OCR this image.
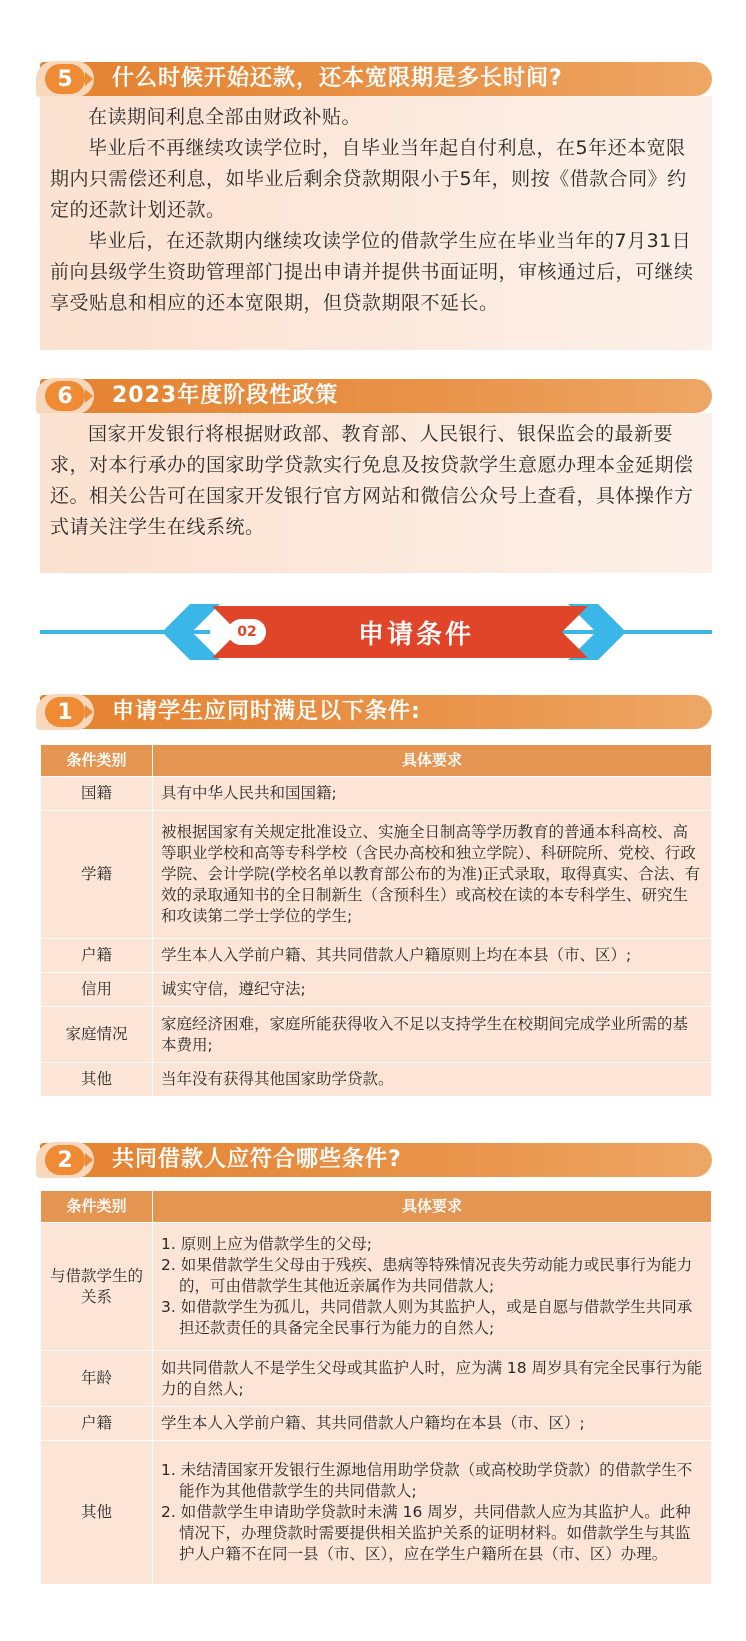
5	什么时候开始还款，还本宽限期是多长时间?

在读期间利息全部由财政补贴。

毕业后不再继续攻读学位时，自毕业当年起自付利息，在5年还本宽限期内只需偿还利息，如毕业后剩余贷款期限小于5年，则按《借款合同》约定的还款计划还款。

毕业后，在还款期内继续攻读学位的借款学生应在毕业当年的7月31日前向县级学生资助管理部门提出申请并提供书面证明，审核通过后，可继续享受贴息和相应的还本宽限期，但贷款期限不延长。

6	2023年度阶段性政策

国家开发银行将根据财政部、教育部、人民银行、银保监会的最新要求，对本行承办的国家助学贷款实行免息及按贷款学生意愿办理本金延期偿还。相关公告可在国家开发银行官方网站和微信公众号上查看，具体操作方式请关注学生在线系统。

02	申请条件
1	申请学生应同时满足以下条件:
条件类别	具体要求
国籍	具有中华人民共和国国籍;
学籍	被根据国家有关规定批准设立、实施全日制高等学历教育的普通本科高校、高等职业学校和高等专科学校（含民办高校和独立学院）、科研院所、党校、行政学院、会计学院(学校名单以教育部公布的为准)正式录取，取得真实、合法、有效的录取通知书的全日制新生（含预科生）或高校在读的本专科学生、研究生和攻读第二学士学位的学生;
户籍	学生本人入学前户籍、其共同借款人户籍原则上均在本县（市、区）;
信用	诚实守信，遵纪守法;
家庭情况	家庭经济困难，家庭所能获得收入不足以支持学生在校期间完成学业所需的基本费用;
其他	当年没有获得其他国家助学贷款。
2	共同借款人应符合哪些条件?
条件类别	具体要求
与借款学生的关系	1. 原则上应为借款学生的父母;
2. 如果借款学生父母由于残疾、患病等特殊情况丧失劳动能力或民事行为能力的，可由借款学生其他近亲属作为共同借款人;
3. 如借款学生为孤儿，共同借款人则为其监护人，或是自愿与借款学生共同承担还款责任的具备完全民事行为能力的自然人;

年龄	如共同借款人不是学生父母或其监护人时，应为满 18 周岁具有完全民事行为能力的自然人;
户籍	学生本人入学前户籍、其共同借款人户籍均在本县（市、区）;
其他	1. 未结清国家开发银行生源地信用助学贷款（或高校助学贷款）的借款学生不能作为其他借款学生的共同借款人;
2. 如借款学生申请助学贷款时未满 16 周岁，共同借款人应为其监护人。此种情况下，办理贷款时需要提供相关监护关系的证明材料。如借款学生与其监护人户籍不在同一县（市、区），应在学生户籍所在县（市、区）办理。
